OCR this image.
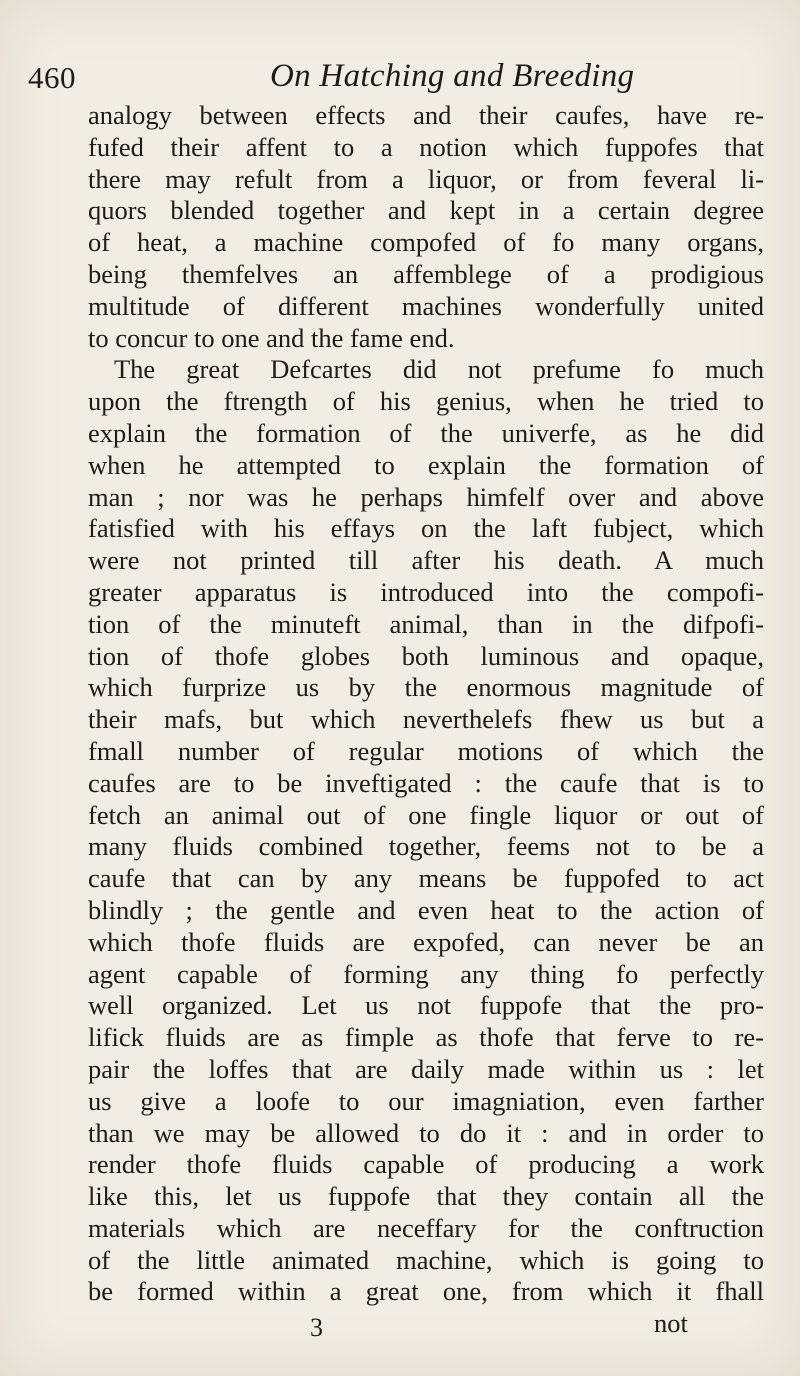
460	On Hatching and Breeding
analogy between effects and their caufes, have re-
fufed their affent to a notion which fuppofes that
there may refult from a liquor, or from feveral li-
quors blended together and kept in a certain degree
of heat, a machine compofed of fo many organs,
being themfelves an affemblege of a prodigious
multitude of different machines wonderfully united
to concur to one and the fame end.
The great Defcartes did not prefume fo much
upon the ftrength of his genius, when he tried to
explain the formation of the univerfe, as he did
when he attempted to explain the formation of
man ; nor was he perhaps himfelf over and above
fatisfied with his effays on the laft fubject, which
were not printed till after his death. A much
greater apparatus is introduced into the compofi-
tion of the minuteft animal, than in the difpofi-
tion of thofe globes both luminous and opaque,
which furprize us by the enormous magnitude of
their mafs, but which neverthelefs fhew us but a
fmall number of regular motions of which the
caufes are to be inveftigated : the caufe that is to
fetch an animal out of one fingle liquor or out of
many fluids combined together, feems not to be a
caufe that can by any means be fuppofed to act
blindly ; the gentle and even heat to the action of
which thofe fluids are expofed, can never be an
agent capable of forming any thing fo perfectly
well organized. Let us not fuppofe that the pro-
lifick fluids are as fimple as thofe that ferve to re-
pair the loffes that are daily made within us : let
us give a loofe to our imagniation, even farther
than we may be allowed to do it : and in order to
render thofe fluids capable of producing a work
like this, let us fuppofe that they contain all the
materials which are neceffary for the conftruction
of the little animated machine, which is going to
be formed within a great one, from which it fhall
3	not
